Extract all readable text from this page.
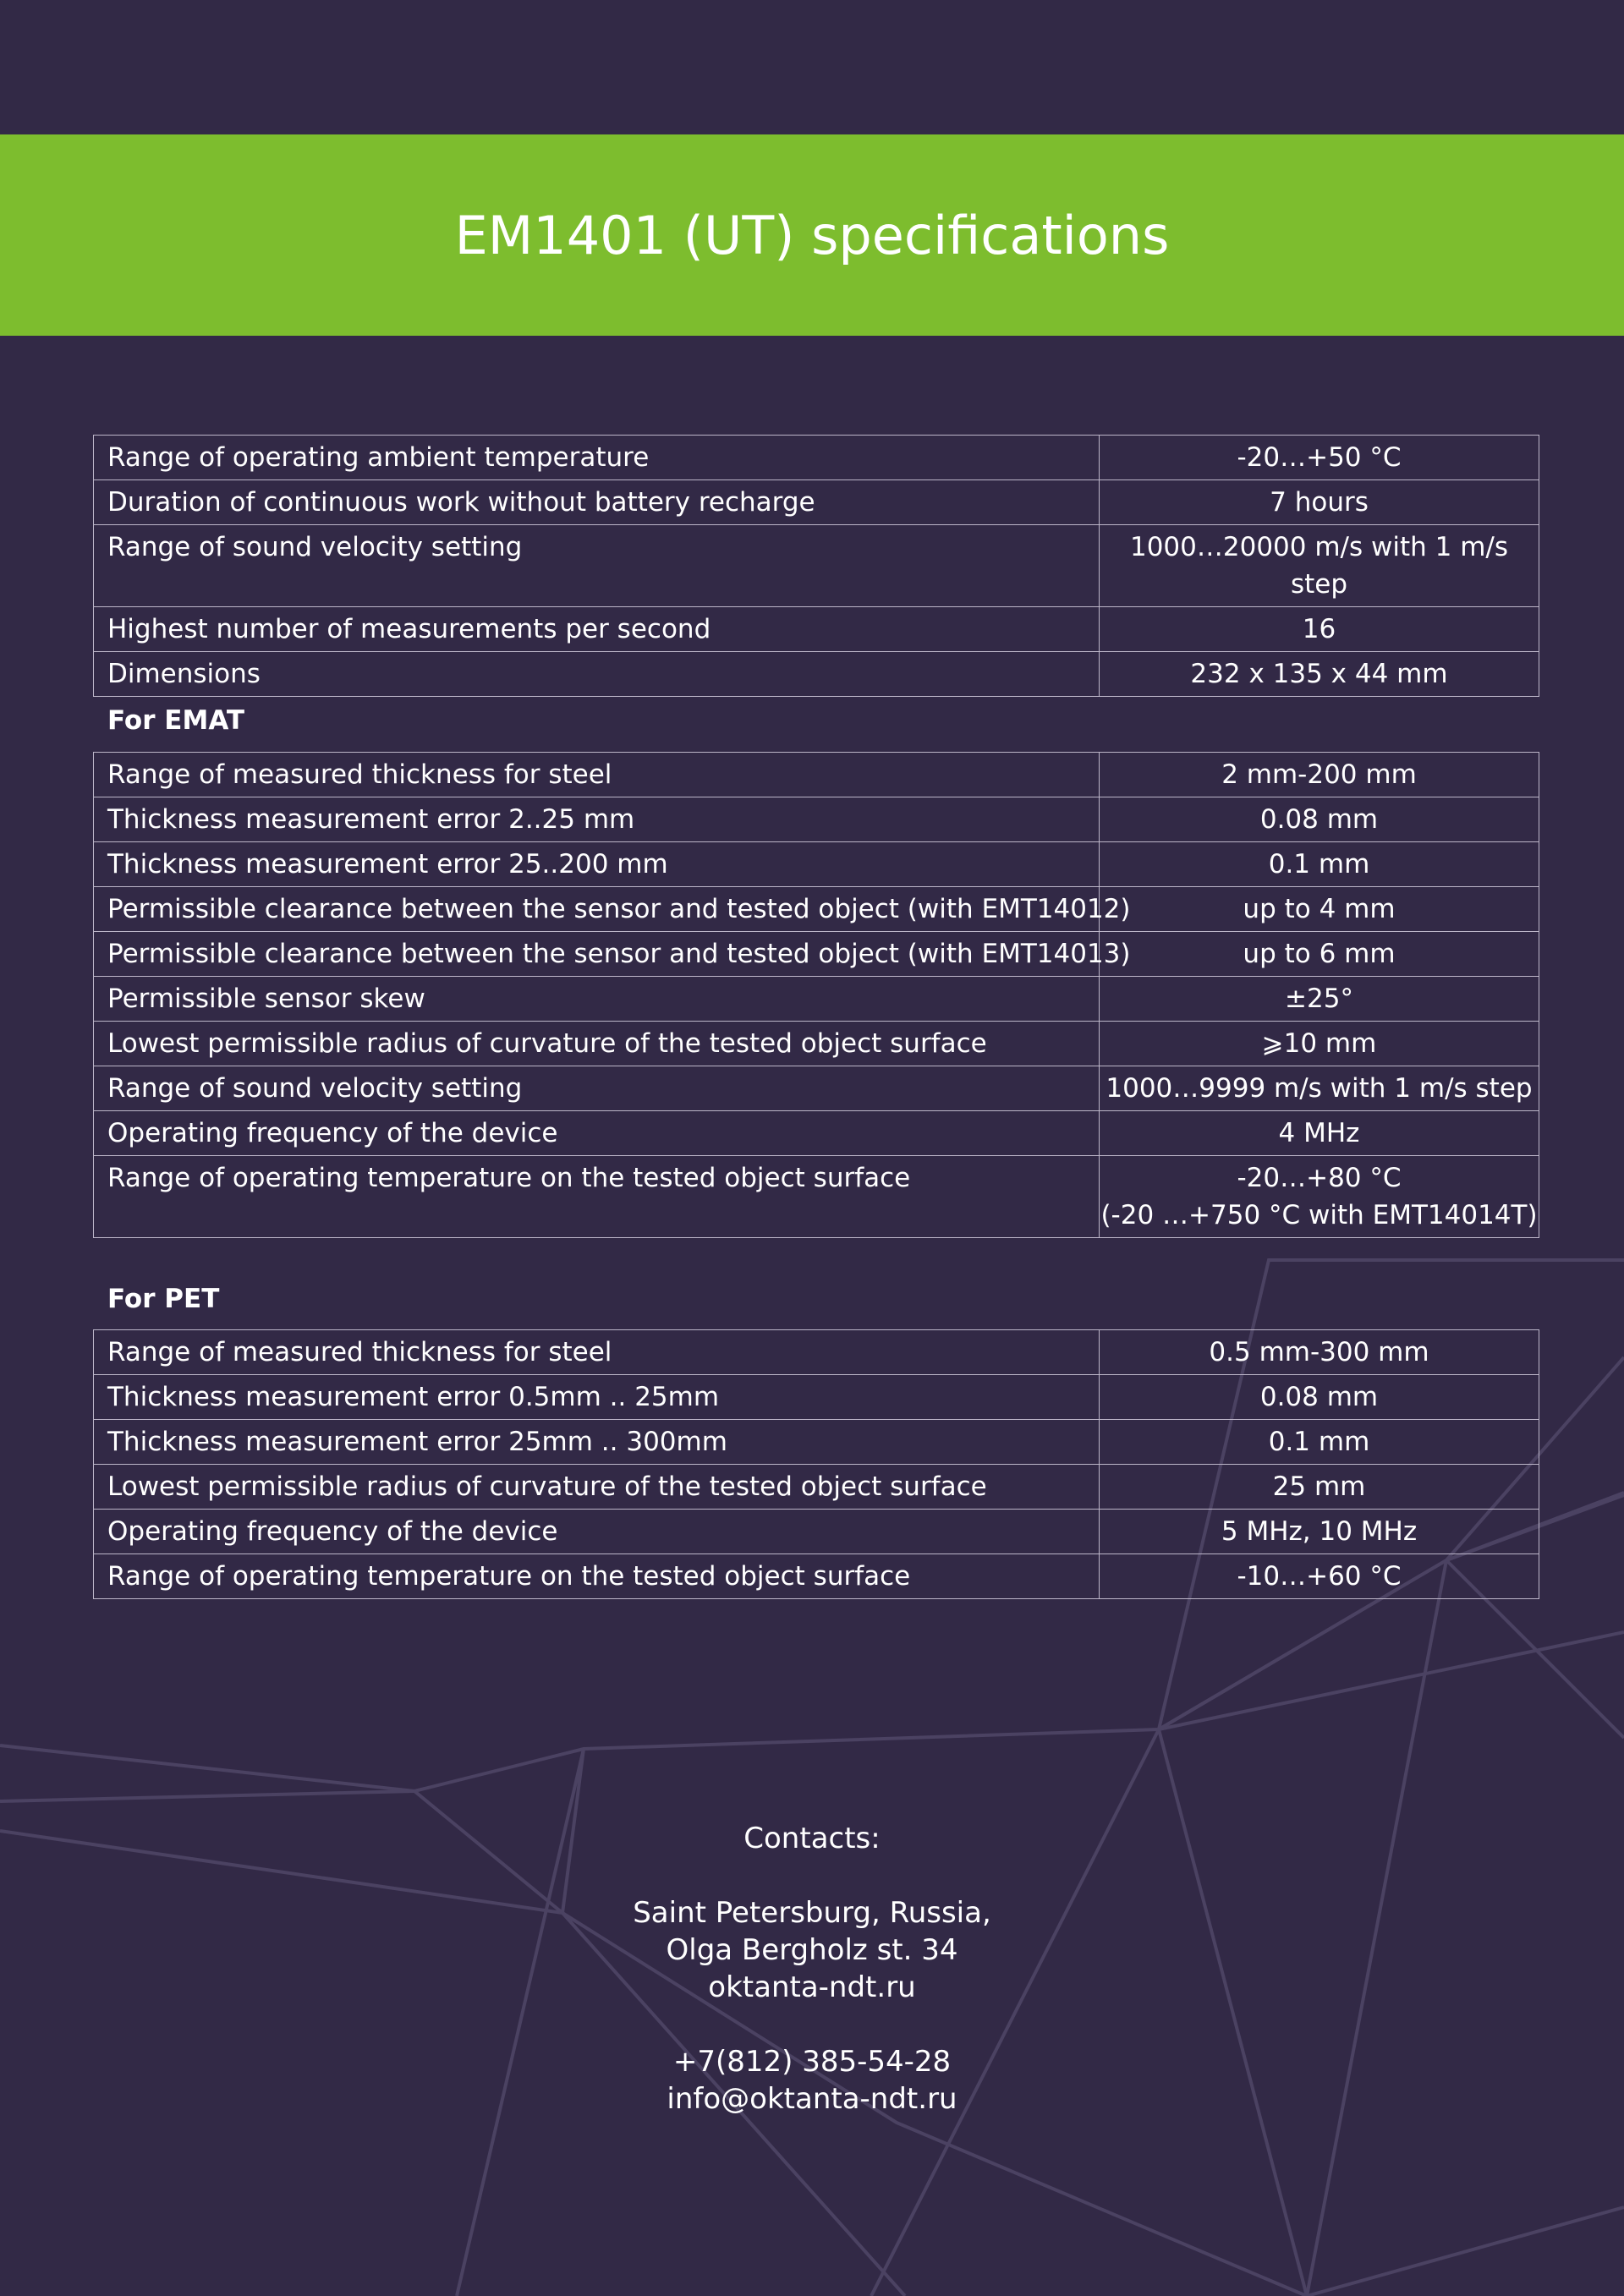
EM1401 (UT) specifications
Range of operating ambient temperature	-20…+50 °С
Duration of continuous work without battery recharge	7 hours
Range of sound velocity setting	1000…20000 m/s with 1 m/s step
Highest number of measurements per second	16
Dimensions	232 х 135 х 44 mm
For EMAT
Range of measured thickness for steel	2 mm-200 mm
Thickness measurement error 2..25 mm	0.08 mm
Thickness measurement error 25..200 mm	0.1 mm
Permissible clearance between the sensor and tested object (with EMT14012)	up to 4 mm
Permissible clearance between the sensor and tested object (with EMT14013)	up to 6 mm
Permissible sensor skew	±25°
Lowest permissible radius of curvature of the tested object surface	⩾10 mm
Range of sound velocity setting	1000…9999 m/s with 1 m/s step
Operating frequency of the device	4 MHz
Range of operating temperature on the tested object surface	-20…+80 °С
(-20 …+750 °С with EMT14014T)
For PET
Range of measured thickness for steel	0.5 mm-300 mm
Thickness measurement error 0.5mm .. 25mm	0.08 mm
Thickness measurement error 25mm .. 300mm	0.1 mm
Lowest permissible radius of curvature of the tested object surface	25 mm
Operating frequency of the device	5 MHz, 10 MHz
Range of operating temperature on the tested object surface	-10…+60 °С
Contacts:
Saint Petersburg, Russia,
Olga Bergholz st. 34
oktanta-ndt.ru
+7(812) 385-54-28
info@oktanta-ndt.ru
